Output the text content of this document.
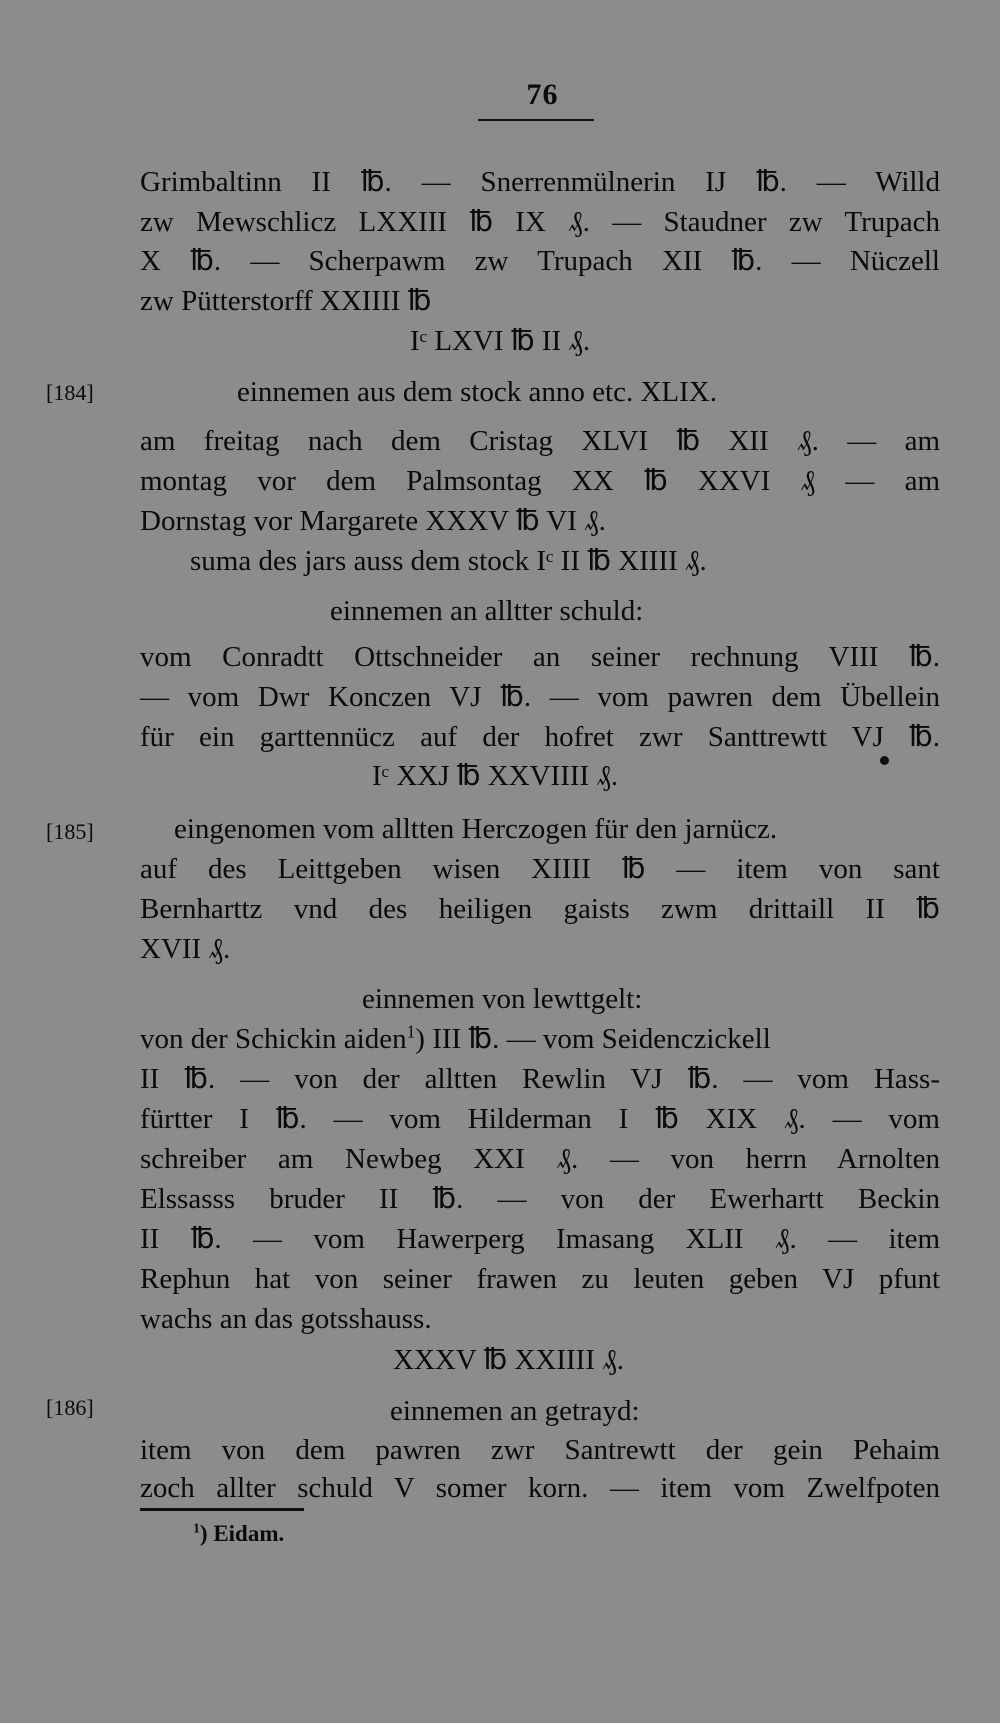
76
[184]
[185]
[186]
Grimbaltinn II ℔. — Snerrenmülnerin IJ ℔. — Willd
zw Mewschlicz LXXIII ℔ IX ₰. — Staudner zw Trupach
X ℔. — Scherpawm zw Trupach XII ℔. — Nüczell
zw Pütterstorff XXIIII ℔
Iᶜ LXVI ℔ II ₰.
einnemen aus dem stock anno etc. XLIX.
am freitag nach dem Cristag XLVI ℔ XII ₰. — am
montag vor dem Palmsontag XX ℔ XXVI ₰ — am
Dornstag vor Margarete XXXV ℔ VI ₰.
suma des jars auss dem stock Iᶜ II ℔ XIIII ₰.
einnemen an alltter schuld:
vom Conradtt Ottschneider an seiner rechnung VIII ℔.
— vom Dwr Konczen VJ ℔. — vom pawren dem Übellein
für ein garttennücz auf der hofret zwr Santtrewtt VJ ℔.
Iᶜ XXJ ℔ XXVIIII ₰.
eingenomen vom alltten Herczogen für den jarnücz.
auf des Leittgeben wisen XIIII ℔ — item von sant
Bernharttz vnd des heiligen gaists zwm drittaill II ℔
XVII ₰.
einnemen von lewttgelt:
von der Schickin aiden$^1$) III ℔. — vom Seidenczickell
II ℔. — von der alltten Rewlin VJ ℔. — vom Hass-
fürtter I ℔. — vom Hilderman I ℔ XIX ₰. — vom
schreiber am Newbeg XXI ₰. — von herrn Arnolten
Elssasss bruder II ℔. — von der Ewerhartt Beckin
II ℔. — vom Hawerperg Imasang XLII ₰. — item
Rephun hat von seiner frawen zu leuten geben VJ pfunt
wachs an das gotsshauss.
XXXV ℔ XXIIII ₰.
einnemen an getrayd:
item von dem pawren zwr Santrewtt der gein Pehaim
zoch allter schuld V somer korn. — item vom Zwelfpoten
$^1$) Eidam.
